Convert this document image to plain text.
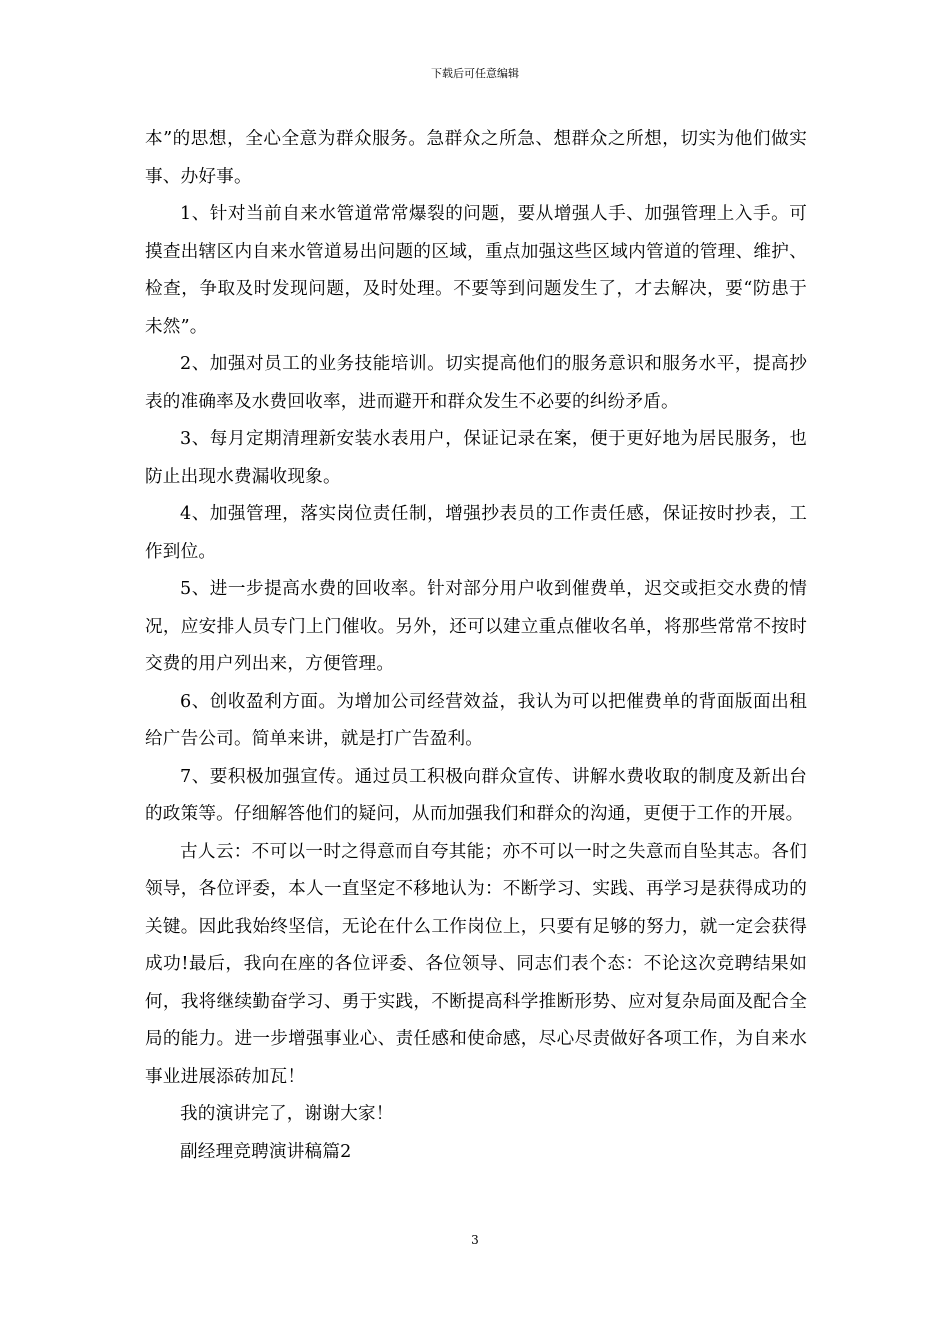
下载后可任意编辑

本”的思想，全心全意为群众服务。急群众之所急、想群众之所想，切实为他们做实事、办好事。

1、针对当前自来水管道常常爆裂的问题，要从增强人手、加强管理上入手。可摸查出辖区内自来水管道易出问题的区域，重点加强这些区域内管道的管理、维护、检查，争取及时发现问题，及时处理。不要等到问题发生了，才去解决，要“防患于未然”。

2、加强对员工的业务技能培训。切实提高他们的服务意识和服务水平，提高抄表的准确率及水费回收率，进而避开和群众发生不必要的纠纷矛盾。

3、每月定期清理新安装水表用户，保证记录在案，便于更好地为居民服务，也防止出现水费漏收现象。

4、加强管理，落实岗位责任制，增强抄表员的工作责任感，保证按时抄表，工作到位。

5、进一步提高水费的回收率。针对部分用户收到催费单，迟交或拒交水费的情况，应安排人员专门上门催收。另外，还可以建立重点催收名单，将那些常常不按时交费的用户列出来，方便管理。

6、创收盈利方面。为增加公司经营效益，我认为可以把催费单的背面版面出租给广告公司。简单来讲，就是打广告盈利。

7、要积极加强宣传。通过员工积极向群众宣传、讲解水费收取的制度及新出台的政策等。仔细解答他们的疑问，从而加强我们和群众的沟通，更便于工作的开展。

古人云：不可以一时之得意而自夸其能；亦不可以一时之失意而自坠其志。各们领导，各位评委，本人一直坚定不移地认为：不断学习、实践、再学习是获得成功的关键。因此我始终坚信，无论在什么工作岗位上，只要有足够的努力，就一定会获得成功!最后，我向在座的各位评委、各位领导、同志们表个态：不论这次竞聘结果如何，我将继续勤奋学习、勇于实践，不断提高科学推断形势、应对复杂局面及配合全局的能力。进一步增强事业心、责任感和使命感，尽心尽责做好各项工作，为自来水事业进展添砖加瓦！

我的演讲完了，谢谢大家！

副经理竞聘演讲稿篇2

3
